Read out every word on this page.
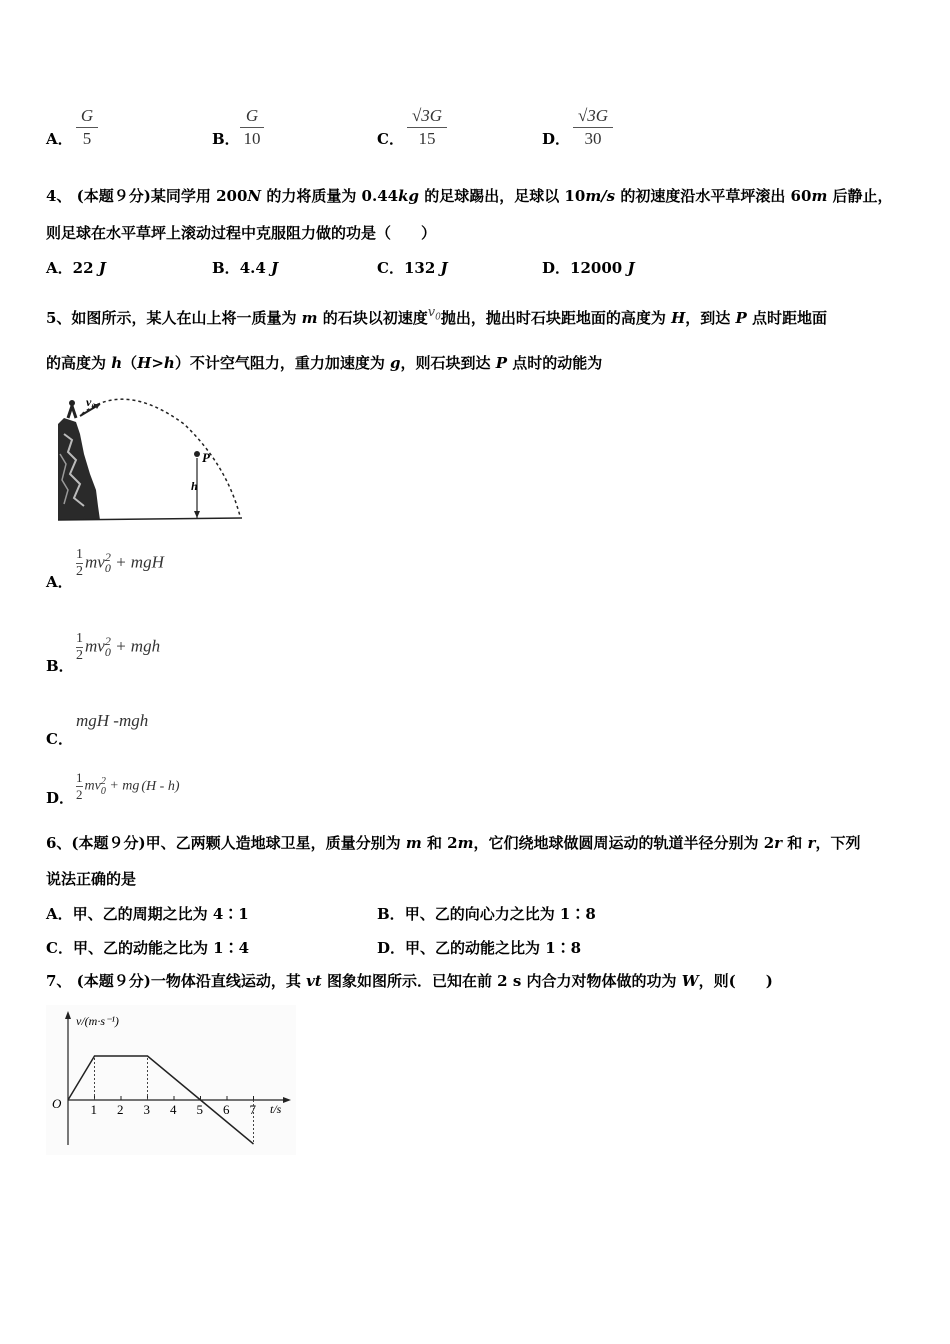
A．
G
5	B．
G
10	C．
√3G
15	D．
√3G
30
4、 (本题９分)某同学用 200N 的力将质量为 0.44kg 的足球踢出，足球以 10m/s 的初速度沿水平草坪滚出 60m 后静止，
则足球在水平草坪上滚动过程中克服阻力做的功是（　　）
A．22 J	B．4.4 J	C．132 J	D．12000 J
5、如图所示，某人在山上将一质量为 m 的石块以初速度$v_0$抛出，抛出时石块距地面的高度为 H，到达 P 点时距地面
的高度为 h（H>h）不计空气阻力，重力加速度为 g，则石块到达 P 点时的动能为
v₀
P
h
A．
$\frac{1}{2} mv^2_0$ + mgH
B．
$\frac{1}{2} mv^2_0$ + mgh
C．
mgH -mgh
D． $\frac{1}{2} mv^2_0$ + mg (H - h)
6、(本题９分)甲、乙两颗人造地球卫星，质量分别为 m 和 2m，它们绕地球做圆周运动的轨道半径分别为 2r 和 r，下列
说法正确的是
A．甲、乙的周期之比为 4∶1	B．甲、乙的向心力之比为 1∶8
C．甲、乙的动能之比为 1∶4	D．甲、乙的动能之比为 1∶8
7、 (本题９分)一物体沿直线运动，其 vt 图象如图所示．已知在前 2 s 内合力对物体做的功为 W，则(　　)
v/(m·s⁻¹)
t/s
O 1 2 3 4 5 6 7
